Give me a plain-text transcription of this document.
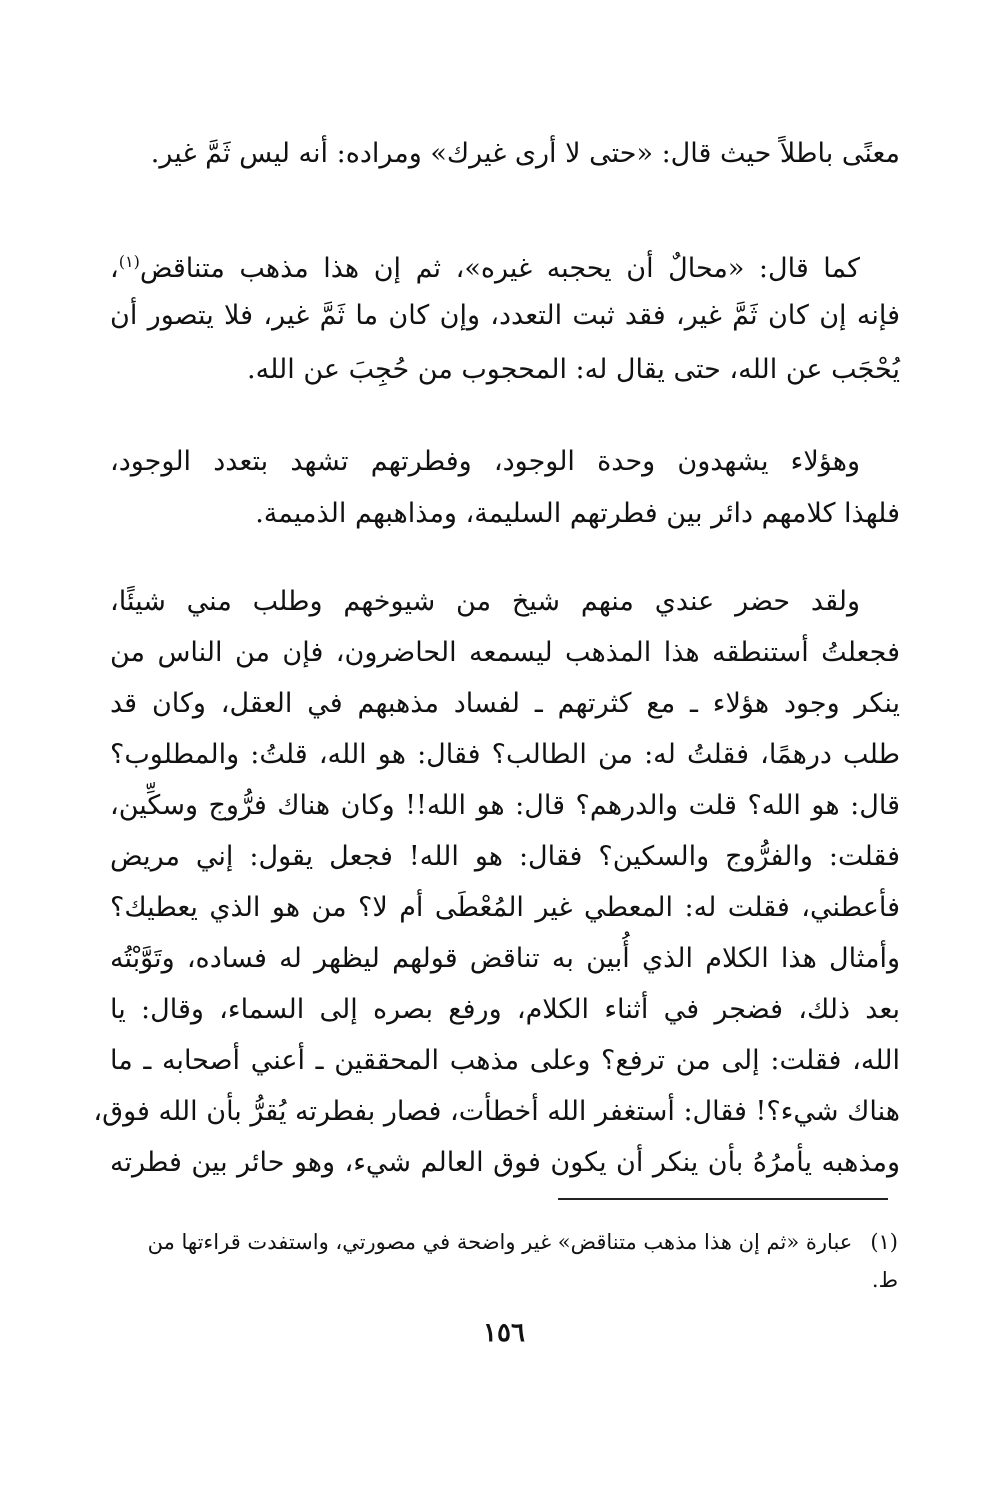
معنًى باطلاً حيث قال: «حتى لا أرى غيرك» ومراده: أنه ليس ثَمَّ غير.
كما قال: «محالٌ أن يحجبه غيره»، ثم إن هذا مذهب متناقض$^{(١)}$،
فإنه إن كان ثَمَّ غير، فقد ثبت التعدد، وإن كان ما ثَمَّ غير، فلا يتصور أن
يُحْجَب عن الله، حتى يقال له: المحجوب من حُجِبَ عن الله.
وهؤلاء يشهدون وحدة الوجود، وفطرتهم تشهد بتعدد الوجود،
فلهذا كلامهم دائر بين فطرتهم السليمة، ومذاهبهم الذميمة.
ولقد حضر عندي منهم شيخ من شيوخهم وطلب مني شيئًا،
فجعلتُ أستنطقه هذا المذهب ليسمعه الحاضرون، فإن من الناس من
ينكر وجود هؤلاء ـ مع كثرتهم ـ لفساد مذهبهم في العقل، وكان قد
طلب درهمًا، فقلتُ له: من الطالب؟ فقال: هو الله، قلتُ: والمطلوب؟
قال: هو الله؟ قلت والدرهم؟ قال: هو الله!! وكان هناك فرُّوج وسكِّين،
فقلت: والفرُّوج والسكين؟ فقال: هو الله! فجعل يقول: إني مريض
فأعطني، فقلت له: المعطي غير المُعْطَى أم لا؟ من هو الذي يعطيك؟
وأمثال هذا الكلام الذي أُبين به تناقض قولهم ليظهر له فساده، وتَوَّبْتُه
بعد ذلك، فضجر في أثناء الكلام، ورفع بصره إلى السماء، وقال: يا
الله، فقلت: إلى من ترفع؟ وعلى مذهب المحققين ـ أعني أصحابه ـ ما
هناك شيء؟! فقال: أستغفر الله أخطأت، فصار بفطرته يُقرُّ بأن الله فوق،
ومذهبه يأمرُهُ بأن ينكر أن يكون فوق العالم شيء، وهو حائر بين فطرته
(١)عبارة «ثم إن هذا مذهب متناقض» غير واضحة في مصورتي، واستفدت قراءتها من
ط.
١٥٦
